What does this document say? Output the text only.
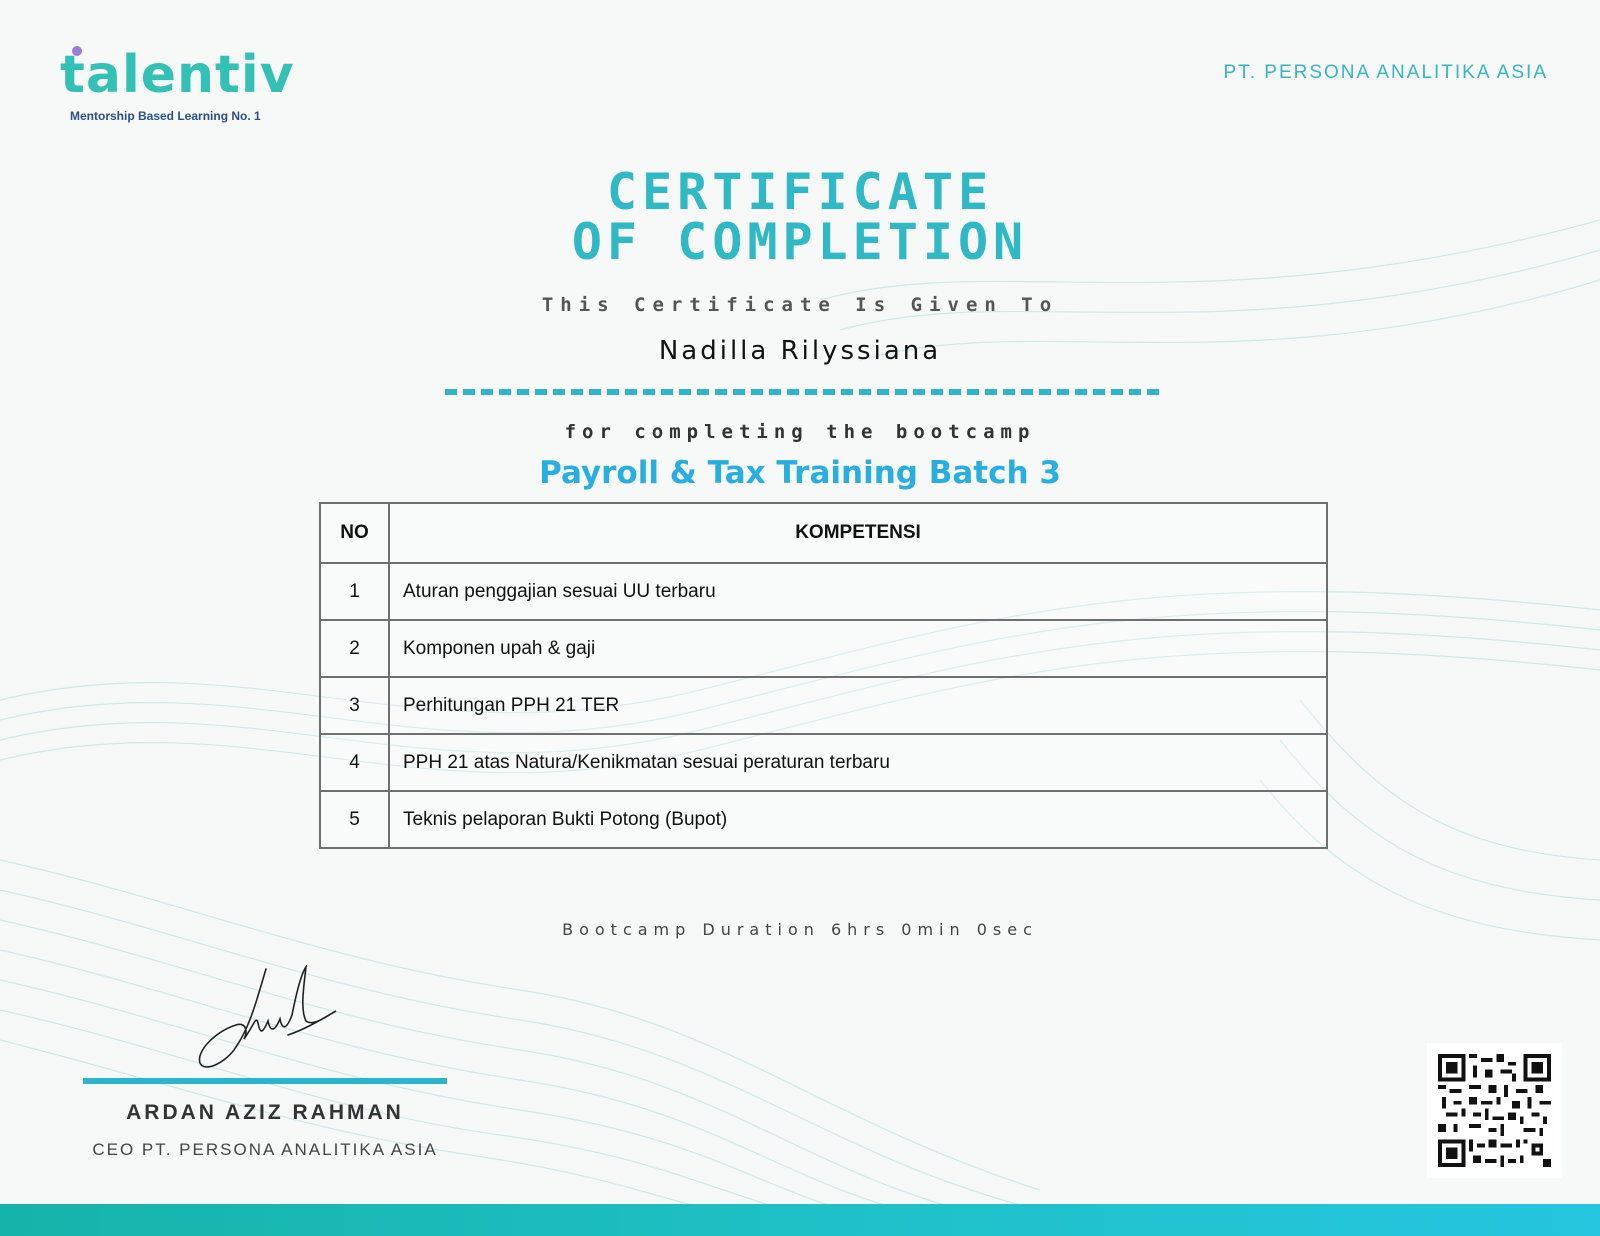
talentiv
Mentorship Based Learning No. 1
PT. PERSONA ANALITIKA ASIA
CERTIFICATE
OF COMPLETION
This Certificate Is Given To
Nadilla Rilyssiana
for completing the bootcamp
Payroll & Tax Training Batch 3
NO	KOMPETENSI
1	Aturan penggajian sesuai UU terbaru
2	Komponen upah & gaji
3	Perhitungan PPH 21 TER
4	PPH 21 atas Natura/Kenikmatan sesuai peraturan terbaru
5	Teknis pelaporan Bukti Potong (Bupot)
Bootcamp Duration 6hrs 0min 0sec
ARDAN AZIZ RAHMAN
CEO PT. PERSONA ANALITIKA ASIA
